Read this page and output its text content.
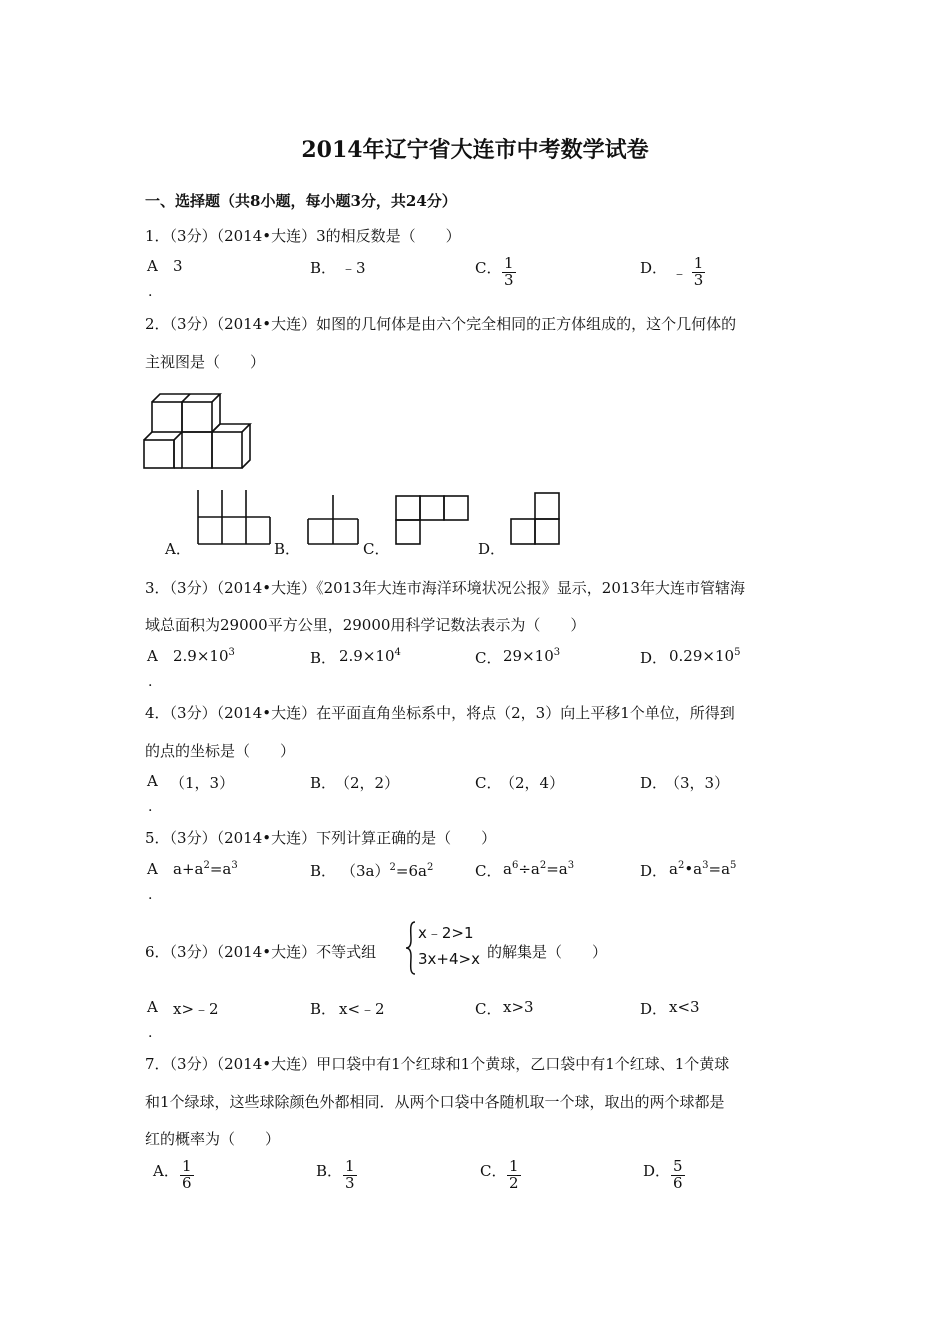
2014年辽宁省大连市中考数学试卷
一、选择题（共8小题，每小题3分，共24分）
1．（3分）（2014•大连）3的相反数是（　　）
A 3
.
B． ﹣3	C． $\frac{1}{3}$	D． ﹣ $\frac{1}{3}$
2．（3分）（2014•大连）如图的几何体是由六个完全相同的正方体组成的，这个几何体的
主视图是（　　）
A．	B．	C．	D．
3．（3分）（2014•大连）《2013年大连市海洋环境状况公报》显示，2013年大连市管辖海
域总面积为29000平方公里，29000用科学记数法表示为（　　）
A $2.9\times 10^3$
.
B． $2.9\times 10^4$	C． $29\times 10^3$	D． $0.29\times 10^5$
4．（3分）（2014•大连）在平面直角坐标系中，将点（2，3）向上平移1个单位，所得到
的点的坐标是（　　）
A （1，3）
.
B．
（2，2）	C．
（2，4）	D．
（3，3）
5．（3分）（2014•大连）下列计算正确的是（　　）
A $a+a^2=a^3$
.
B． $(3a)^2=6a^2$	C． $a^6\div a^2=a^3$	D． $a^2•a^3=a^5$
6．（3分）（2014•大连）不等式组
x﹣2>1
3x+4>x 的解集是（　　）
A x>﹣2
.
B． x<﹣2	C． x>3	D． x<3
7．（3分）（2014•大连）甲口袋中有1个红球和1个黄球，乙口袋中有1个红球、1个黄球
和1个绿球，这些球除颜色外都相同．从两个口袋中各随机取一个球，取出的两个球都是
红的概率为（　　）
A． $\frac{1}{6}$	B． $\frac{1}{3}$	C． $\frac{1}{2}$	D． $\frac{5}{6}$
